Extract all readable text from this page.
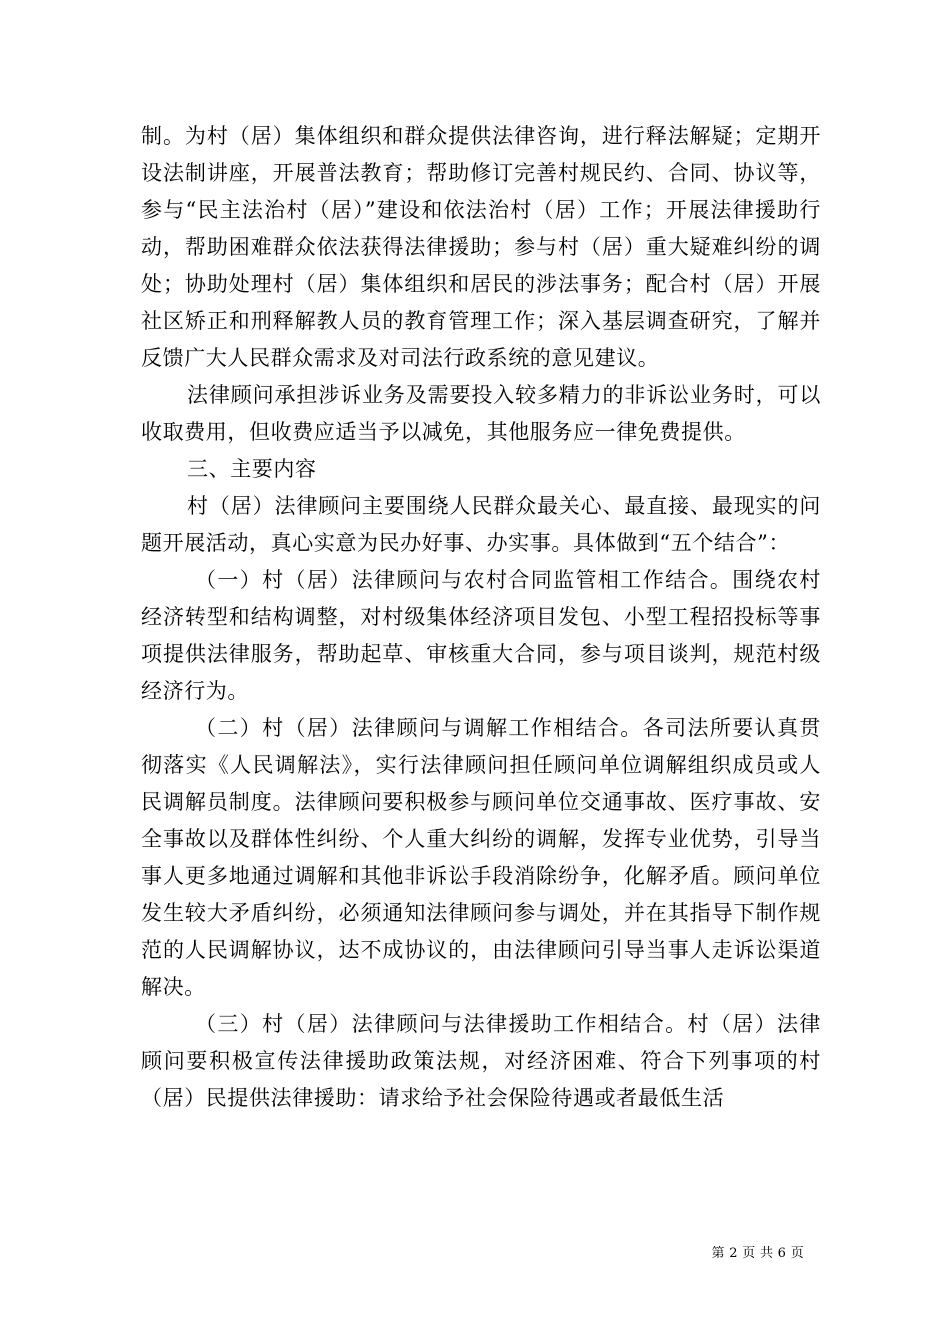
制。为村（居）集体组织和群众提供法律咨询，进行释法解疑；定期开设法制讲座，开展普法教育；帮助修订完善村规民约、合同、协议等，参与“民主法治村（居）”建设和依法治村（居）工作；开展法律援助行动，帮助困难群众依法获得法律援助；参与村（居）重大疑难纠纷的调处；协助处理村（居）集体组织和居民的涉法事务；配合村（居）开展社区矫正和刑释解教人员的教育管理工作；深入基层调查研究，了解并反馈广大人民群众需求及对司法行政系统的意见建议。

法律顾问承担涉诉业务及需要投入较多精力的非诉讼业务时，可以收取费用，但收费应适当予以减免，其他服务应一律免费提供。

三、主要内容

村（居）法律顾问主要围绕人民群众最关心、最直接、最现实的问题开展活动，真心实意为民办好事、办实事。具体做到“五个结合”：

（一）村（居）法律顾问与农村合同监管相工作结合。围绕农村经济转型和结构调整，对村级集体经济项目发包、小型工程招投标等事项提供法律服务，帮助起草、审核重大合同，参与项目谈判，规范村级经济行为。

（二）村（居）法律顾问与调解工作相结合。各司法所要认真贯彻落实《人民调解法》，实行法律顾问担任顾问单位调解组织成员或人民调解员制度。法律顾问要积极参与顾问单位交通事故、医疗事故、安全事故以及群体性纠纷、个人重大纠纷的调解，发挥专业优势，引导当事人更多地通过调解和其他非诉讼手段消除纷争，化解矛盾。顾问单位发生较大矛盾纠纷，必须通知法律顾问参与调处，并在其指导下制作规范的人民调解协议，达不成协议的，由法律顾问引导当事人走诉讼渠道解决。

（三）村（居）法律顾问与法律援助工作相结合。村（居）法律顾问要积极宣传法律援助政策法规，对经济困难、符合下列事项的村（居）民提供法律援助：请求给予社会保险待遇或者最低生活

第 2 页 共 6 页
